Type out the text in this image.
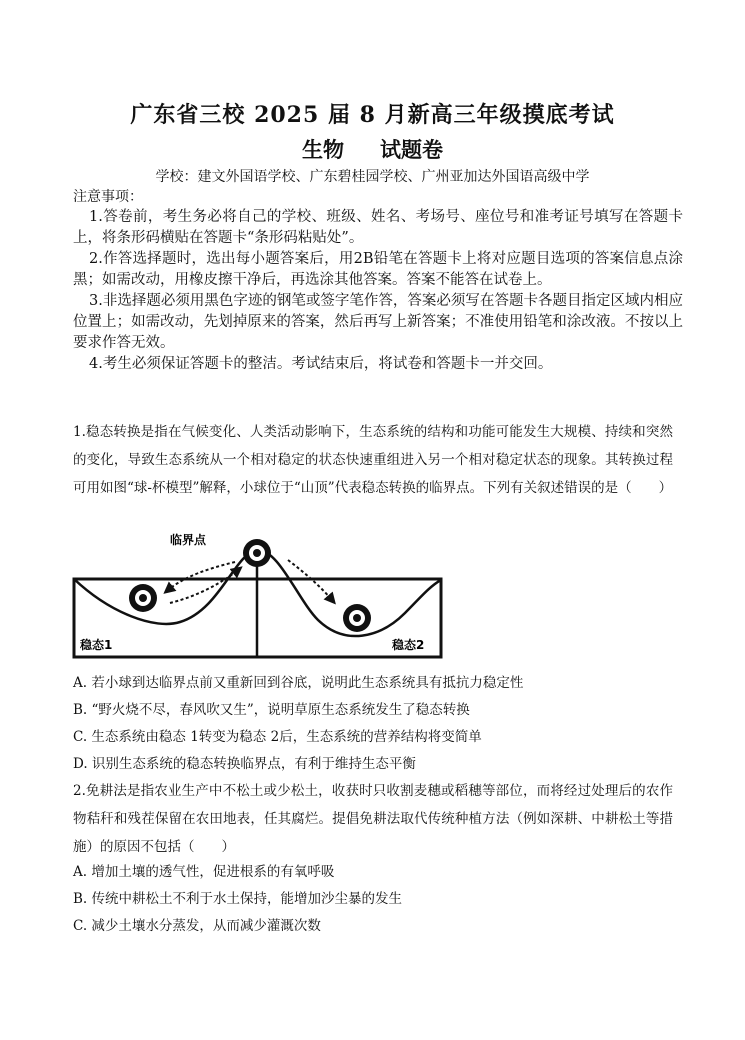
广东省三校 2025 届 8 月新高三年级摸底考试
生物 试题卷
学校：建文外国语学校、广东碧桂园学校、广州亚加达外国语高级中学
注意事项：
1.答卷前，考生务必将自己的学校、班级、姓名、考场号、座位号和准考证号填写在答题卡上，将条形码横贴在答题卡“条形码粘贴处”。
2.作答选择题时，选出每小题答案后，用2B铅笔在答题卡上将对应题目选项的答案信息点涂黑；如需改动，用橡皮擦干净后，再选涂其他答案。答案不能答在试卷上。
3.非选择题必须用黑色字迹的钢笔或签字笔作答，答案必须写在答题卡各题目指定区域内相应位置上；如需改动，先划掉原来的答案，然后再写上新答案；不准使用铅笔和涂改液。不按以上要求作答无效。
4.考生必须保证答题卡的整洁。考试结束后，将试卷和答题卡一并交回。
1.稳态转换是指在气候变化、人类活动影响下，生态系统的结构和功能可能发生大规模、持续和突然的变化，导致生态系统从一个相对稳定的状态快速重组进入另一个相对稳定状态的现象。其转换过程可用如图“球-杯模型”解释，小球位于“山顶”代表稳态转换的临界点。下列有关叙述错误的是（　　）
临界点
稳态1	稳态2
A. 若小球到达临界点前又重新回到谷底，说明此生态系统具有抵抗力稳定性
B. “野火烧不尽，春风吹又生”，说明草原生态系统发生了稳态转换
C. 生态系统由稳态 1转变为稳态 2后，生态系统的营养结构将变简单
D. 识别生态系统的稳态转换临界点，有利于维持生态平衡
2.免耕法是指农业生产中不松土或少松土，收获时只收割麦穗或稻穗等部位，而将经过处理后的农作物秸秆和残茬保留在农田地表，任其腐烂。提倡免耕法取代传统种植方法（例如深耕、中耕松土等措施）的原因不包括（　　）
A. 增加土壤的透气性，促进根系的有氧呼吸
B. 传统中耕松土不利于水土保持，能增加沙尘暴的发生
C. 减少土壤水分蒸发，从而减少灌溉次数
